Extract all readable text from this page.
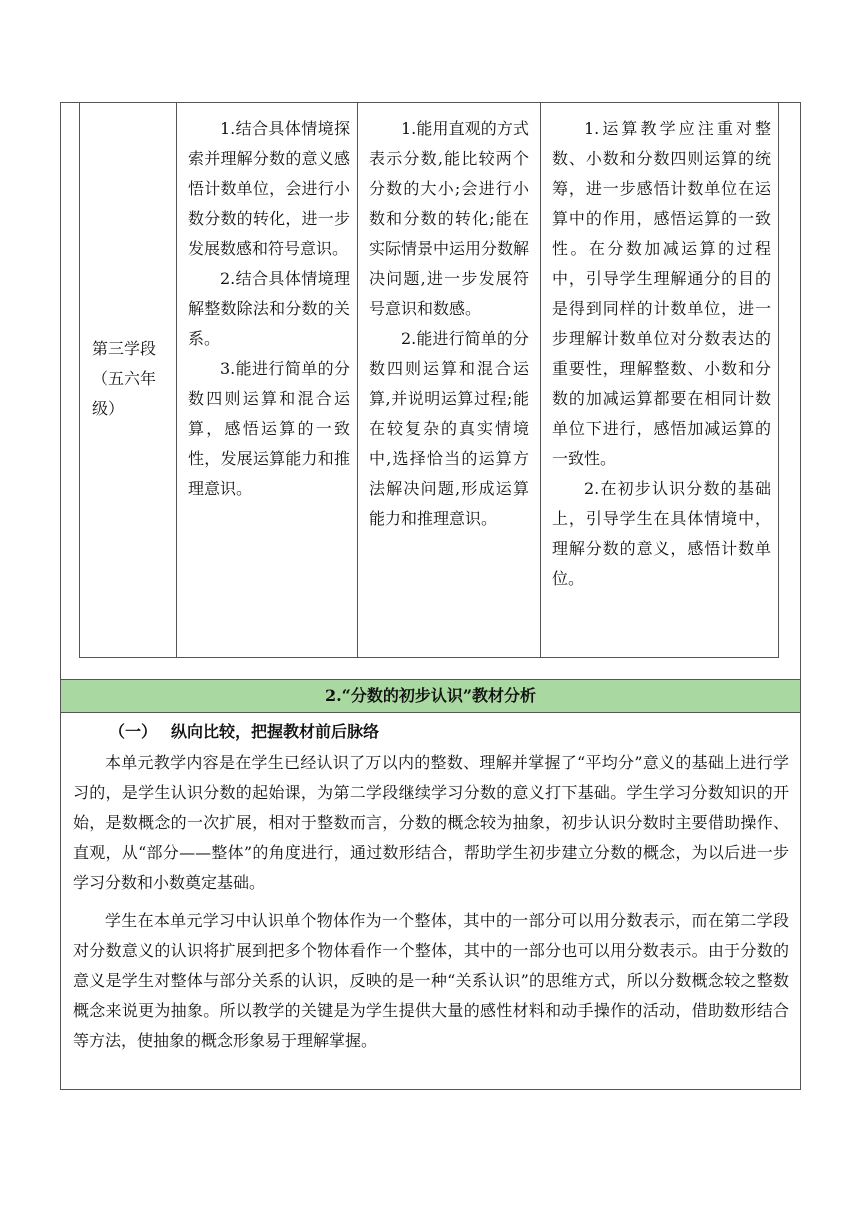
第三学段（五六年级）

1.结合具体情境探索并理解分数的意义感悟计数单位，会进行小数分数的转化，进一步发展数感和符号意识。

2.结合具体情境理解整数除法和分数的关系。

3.能进行简单的分数四则运算和混合运算，感悟运算的一致性，发展运算能力和推理意识。

1.能用直观的方式表示分数,能比较两个分数的大小;会进行小数和分数的转化;能在实际情景中运用分数解决问题,进一步发展符号意识和数感。

2.能进行简单的分数四则运算和混合运算,并说明运算过程;能在较复杂的真实情境中,选择恰当的运算方法解决问题,形成运算能力和推理意识。

1.运算教学应注重对整数、小数和分数四则运算的统筹，进一步感悟计数单位在运算中的作用，感悟运算的一致性。在分数加减运算的过程中，引导学生理解通分的目的是得到同样的计数单位，进一步理解计数单位对分数表达的重要性，理解整数、小数和分数的加减运算都要在相同计数单位下进行，感悟加减运算的一致性。

2.在初步认识分数的基础上，引导学生在具体情境中，理解分数的意义，感悟计数单位。

2.“分数的初步认识”教材分析
（一） 纵向比较，把握教材前后脉络

本单元教学内容是在学生已经认识了万以内的整数、理解并掌握了“平均分”意义的基础上进行学习的，是学生认识分数的起始课，为第二学段继续学习分数的意义打下基础。学生学习分数知识的开始，是数概念的一次扩展，相对于整数而言，分数的概念较为抽象，初步认识分数时主要借助操作、直观，从“部分——整体”的角度进行，通过数形结合，帮助学生初步建立分数的概念，为以后进一步学习分数和小数奠定基础。

学生在本单元学习中认识单个物体作为一个整体，其中的一部分可以用分数表示，而在第二学段对分数意义的认识将扩展到把多个物体看作一个整体，其中的一部分也可以用分数表示。由于分数的意义是学生对整体与部分关系的认识，反映的是一种“关系认识”的思维方式，所以分数概念较之整数概念来说更为抽象。所以教学的关键是为学生提供大量的感性材料和动手操作的活动，借助数形结合等方法，使抽象的概念形象易于理解掌握。
